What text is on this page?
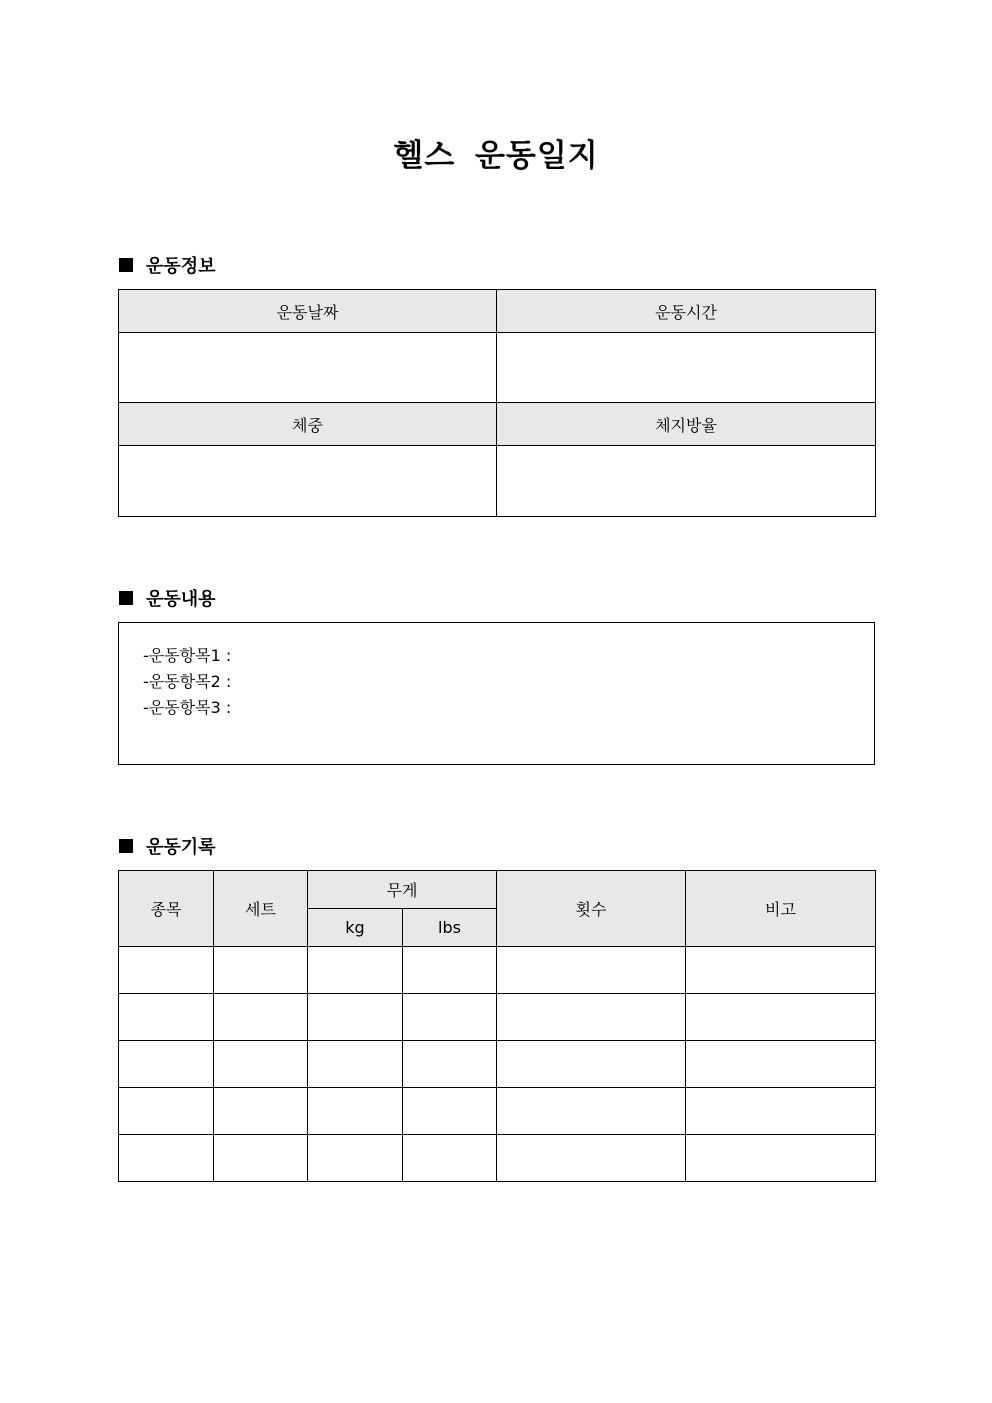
헬스 운동일지
운동정보
운동날짜	운동시간

체중	체지방율

운동내용
-운동항목1 :
-운동항목2 :
-운동항목3 :
운동기록
종목	세트	무게		횟수	비고
		kg	lbs		
